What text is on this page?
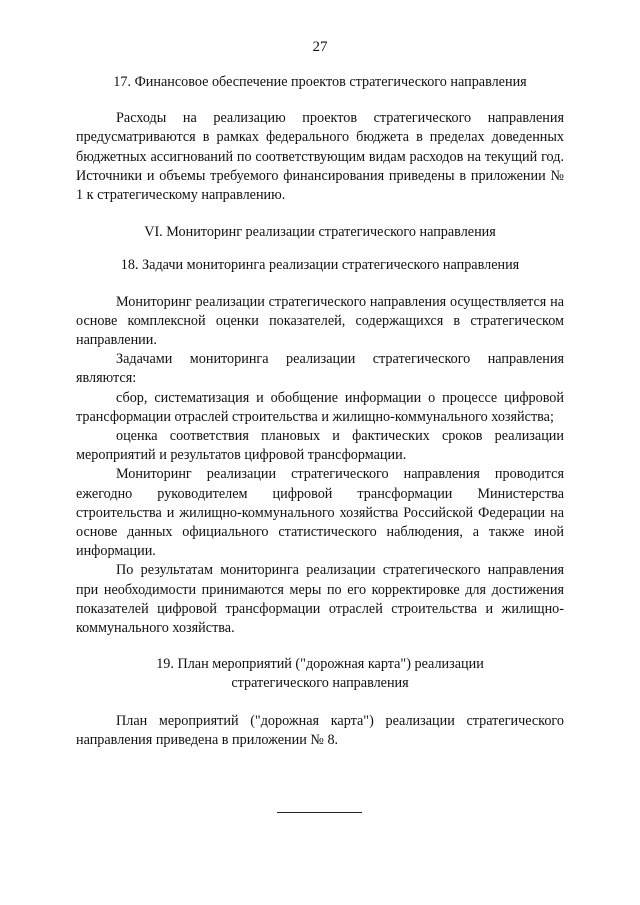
27
17. Финансовое обеспечение проектов стратегического направления

Расходы на реализацию проектов стратегического направления предусматриваются в рамках федерального бюджета в пределах доведенных бюджетных ассигнований по соответствующим видам расходов на текущий год. Источники и объемы требуемого финансирования приведены в приложении № 1 к стратегическому направлению.

VI. Мониторинг реализации стратегического направления
18. Задачи мониторинга реализации стратегического направления

Мониторинг реализации стратегического направления осуществляется на основе комплексной оценки показателей, содержащихся в стратегическом направлении.

Задачами мониторинга реализации стратегического направления являются:

сбор, систематизация и обобщение информации о процессе цифровой трансформации отраслей строительства и жилищно-коммунального хозяйства;

оценка соответствия плановых и фактических сроков реализации мероприятий и результатов цифровой трансформации.

Мониторинг реализации стратегического направления проводится ежегодно руководителем цифровой трансформации Министерства строительства и жилищно-коммунального хозяйства Российской Федерации на основе данных официального статистического наблюдения, а также иной информации.

По результатам мониторинга реализации стратегического направления при необходимости принимаются меры по его корректировке для достижения показателей цифровой трансформации отраслей строительства и жилищно-коммунального хозяйства.

19. План мероприятий ("дорожная карта") реализации
стратегического направления

План мероприятий ("дорожная карта") реализации стратегического направления приведена в приложении № 8.
